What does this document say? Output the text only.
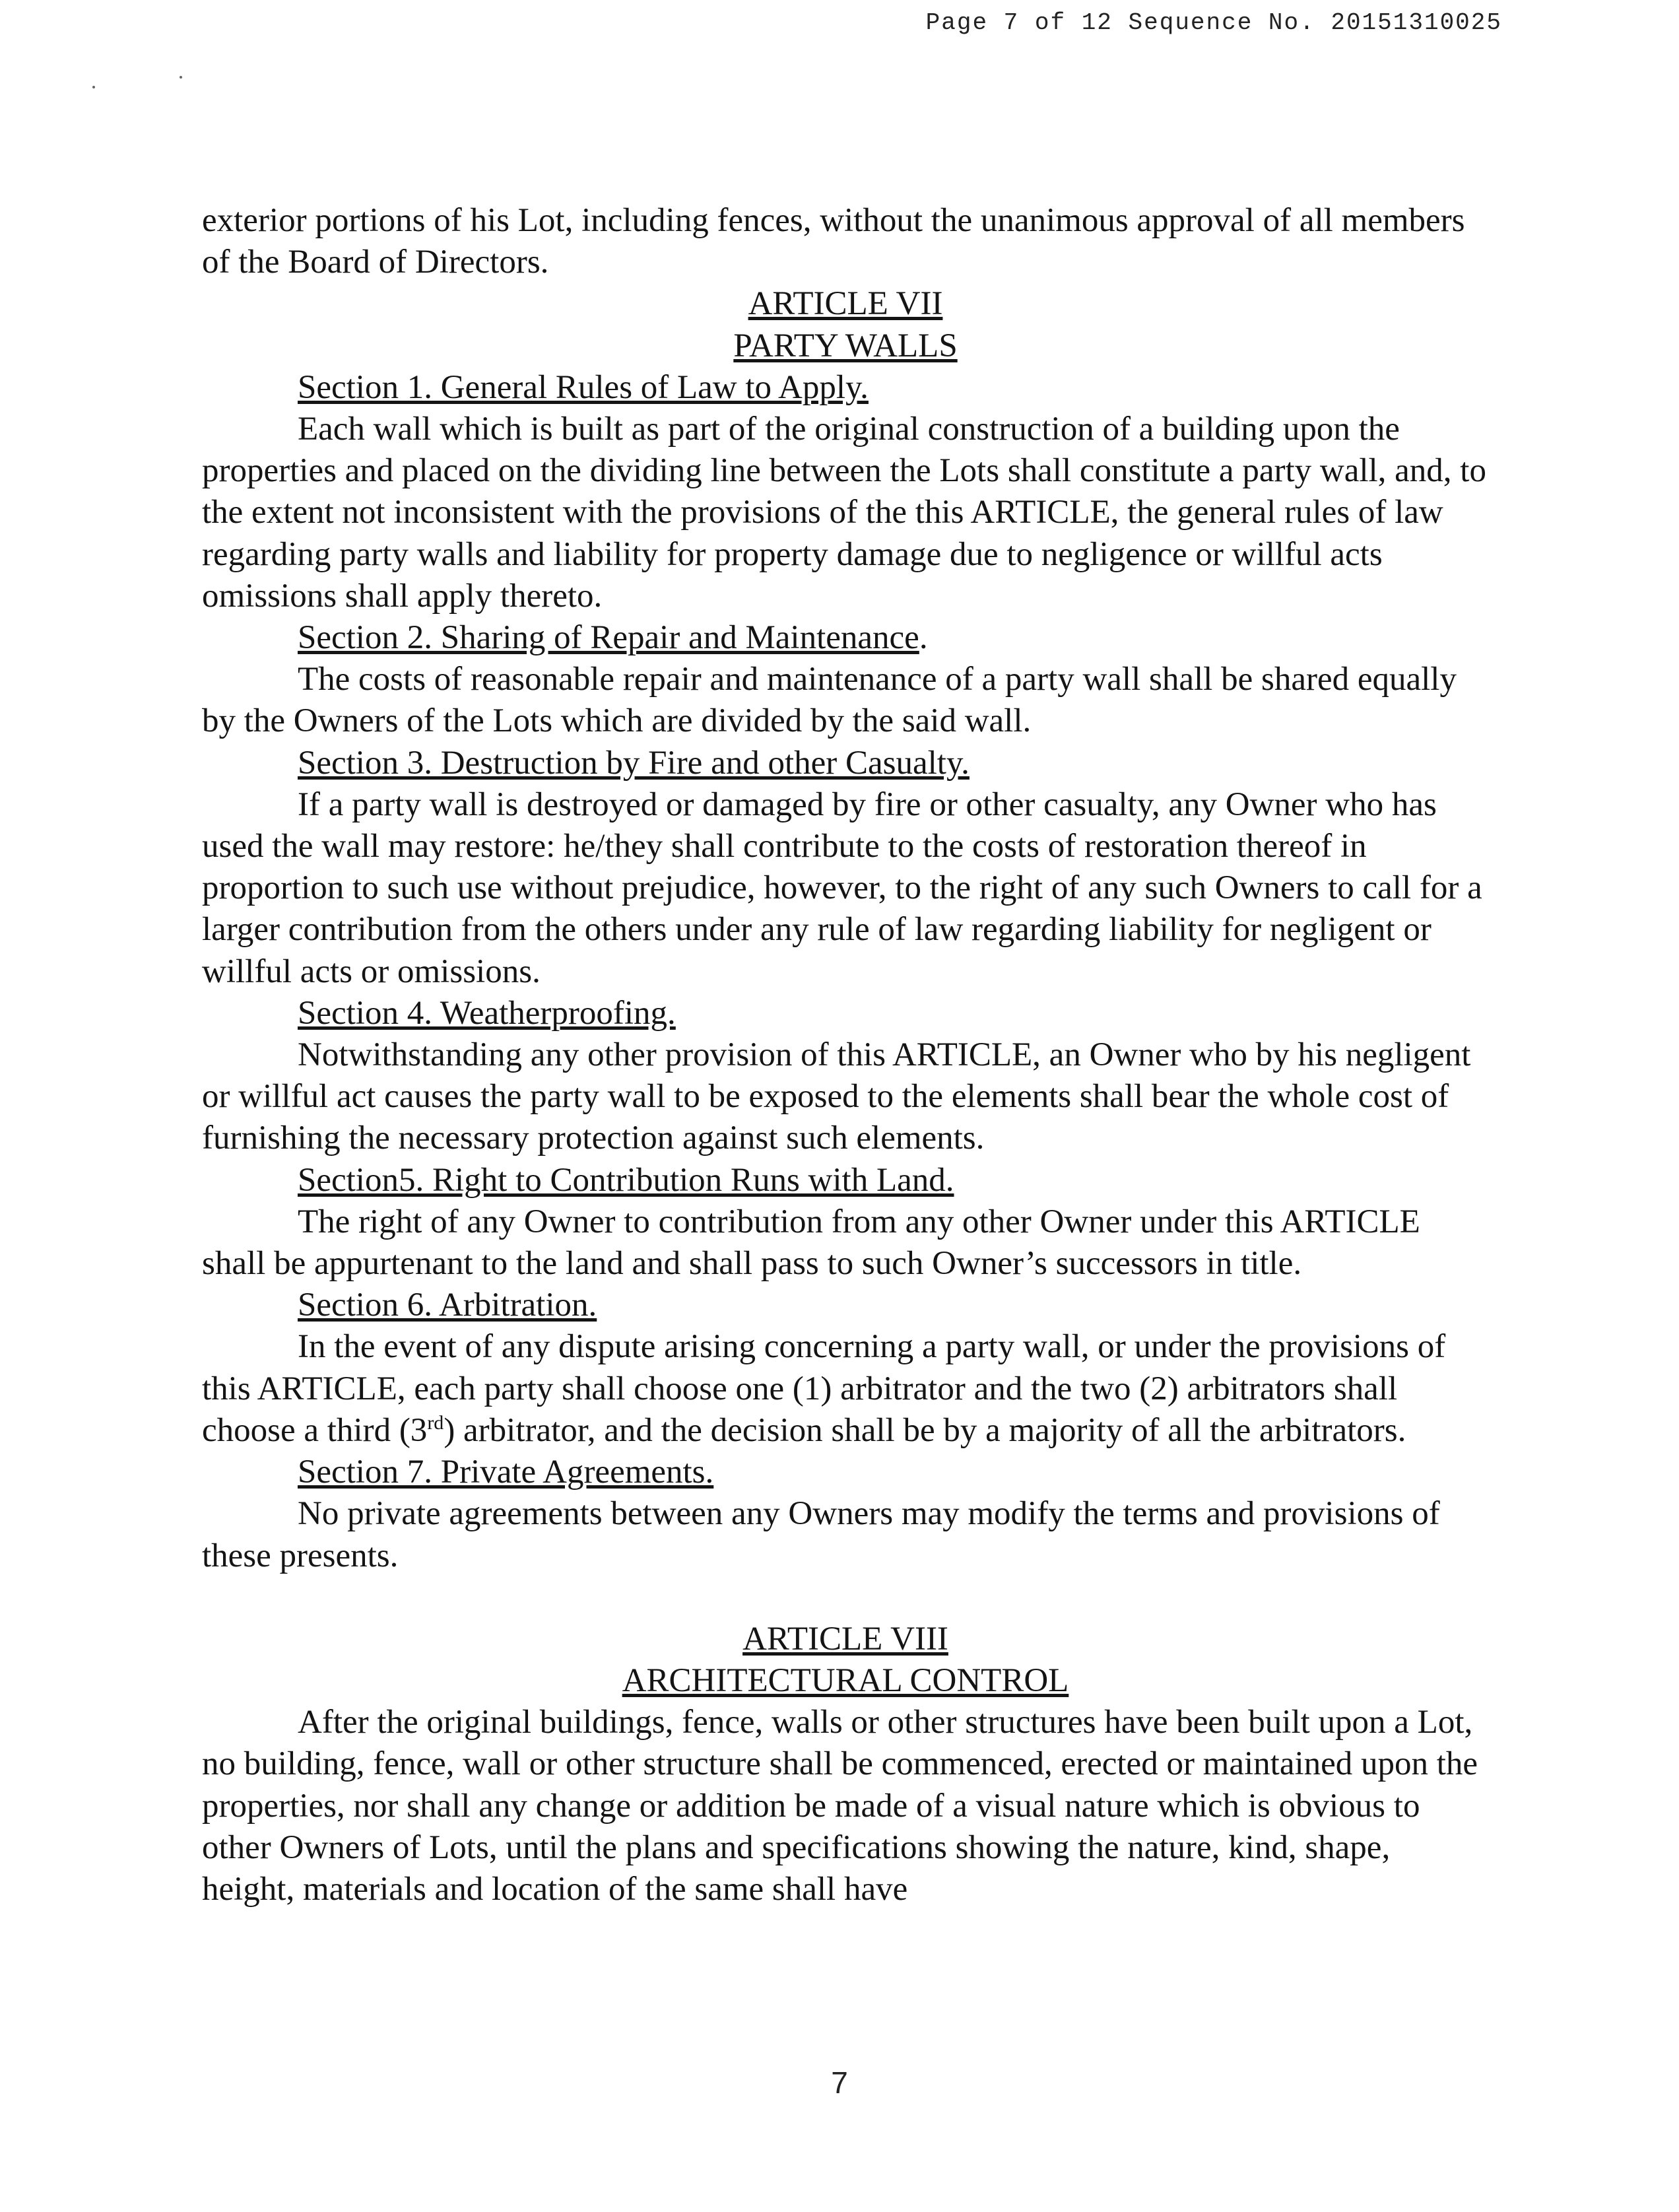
Page 7 of 12 Sequence No. 20151310025

exterior portions of his Lot, including fences, without the unanimous approval of all members of the Board of Directors.

ARTICLE VII

PARTY WALLS

Section 1. General Rules of Law to Apply.

Each wall which is built as part of the original construction of a building upon the properties and placed on the dividing line between the Lots shall constitute a party wall, and, to the extent not inconsistent with the provisions of the this ARTICLE, the general rules of law regarding party walls and liability for property damage due to negligence or willful acts omissions shall apply thereto.

Section 2. Sharing of Repair and Maintenance.

The costs of reasonable repair and maintenance of a party wall shall be shared equally by the Owners of the Lots which are divided by the said wall.

Section 3. Destruction by Fire and other Casualty.

If a party wall is destroyed or damaged by fire or other casualty, any Owner who has used the wall may restore: he/they shall contribute to the costs of restoration thereof in proportion to such use without prejudice, however, to the right of any such Owners to call for a larger contribution from the others under any rule of law regarding liability for negligent or willful acts or omissions.

Section 4. Weatherproofing.

Notwithstanding any other provision of this ARTICLE, an Owner who by his negligent or willful act causes the party wall to be exposed to the elements shall bear the whole cost of furnishing the necessary protection against such elements.

Section5. Right to Contribution Runs with Land.

The right of any Owner to contribution from any other Owner under this ARTICLE shall be appurtenant to the land and shall pass to such Owner’s successors in title.

Section 6. Arbitration.

In the event of any dispute arising concerning a party wall, or under the provisions of this ARTICLE, each party shall choose one (1) arbitrator and the two (2) arbitrators shall choose a third (3rd) arbitrator, and the decision shall be by a majority of all the arbitrators.

Section 7. Private Agreements.

No private agreements between any Owners may modify the terms and provisions of these presents.

ARTICLE VIII

ARCHITECTURAL CONTROL

After the original buildings, fence, walls or other structures have been built upon a Lot, no building, fence, wall or other structure shall be commenced, erected or maintained upon the properties, nor shall any change or addition be made of a visual nature which is obvious to other Owners of Lots, until the plans and specifications showing the nature, kind, shape, height, materials and location of the same shall have

7
